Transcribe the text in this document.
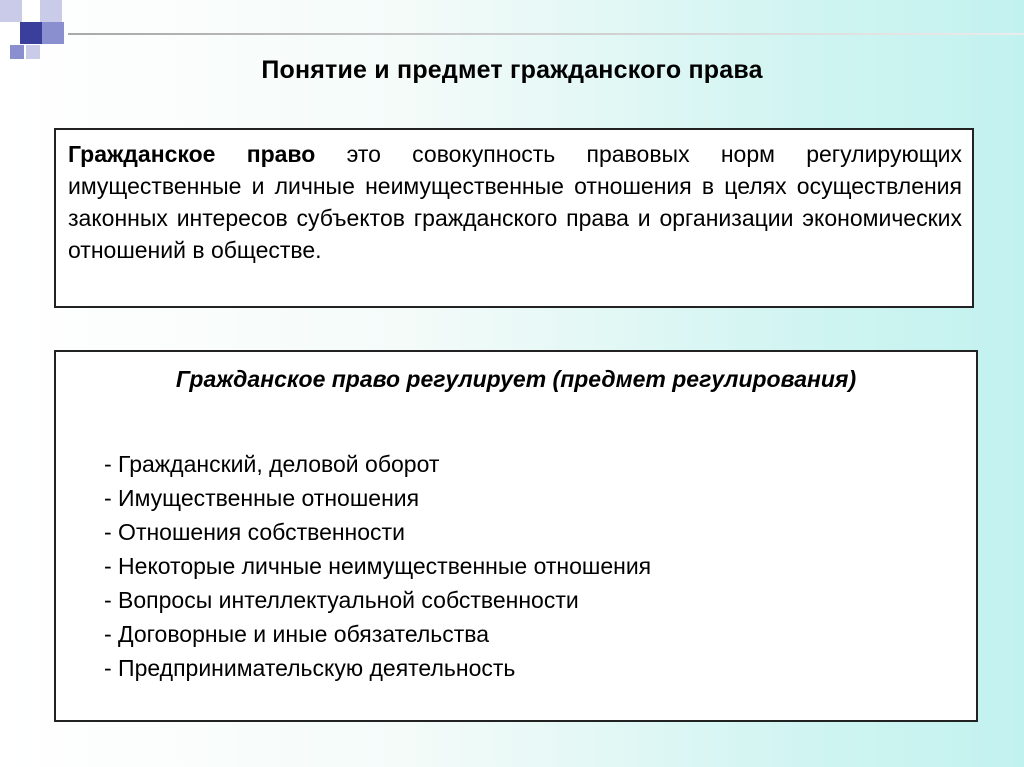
Понятие и предмет гражданского права
Гражданское право это совокупность правовых норм регулирующих имущественные и личные неимущественные отношения в целях осуществления законных интересов субъектов гражданского права и организации экономических отношений в обществе.
Гражданское право регулирует (предмет регулирования)
- Гражданский, деловой оборот
- Имущественные отношения
- Отношения собственности
- Некоторые личные неимущественные отношения
- Вопросы интеллектуальной собственности
- Договорные и иные обязательства
- Предпринимательскую деятельность
